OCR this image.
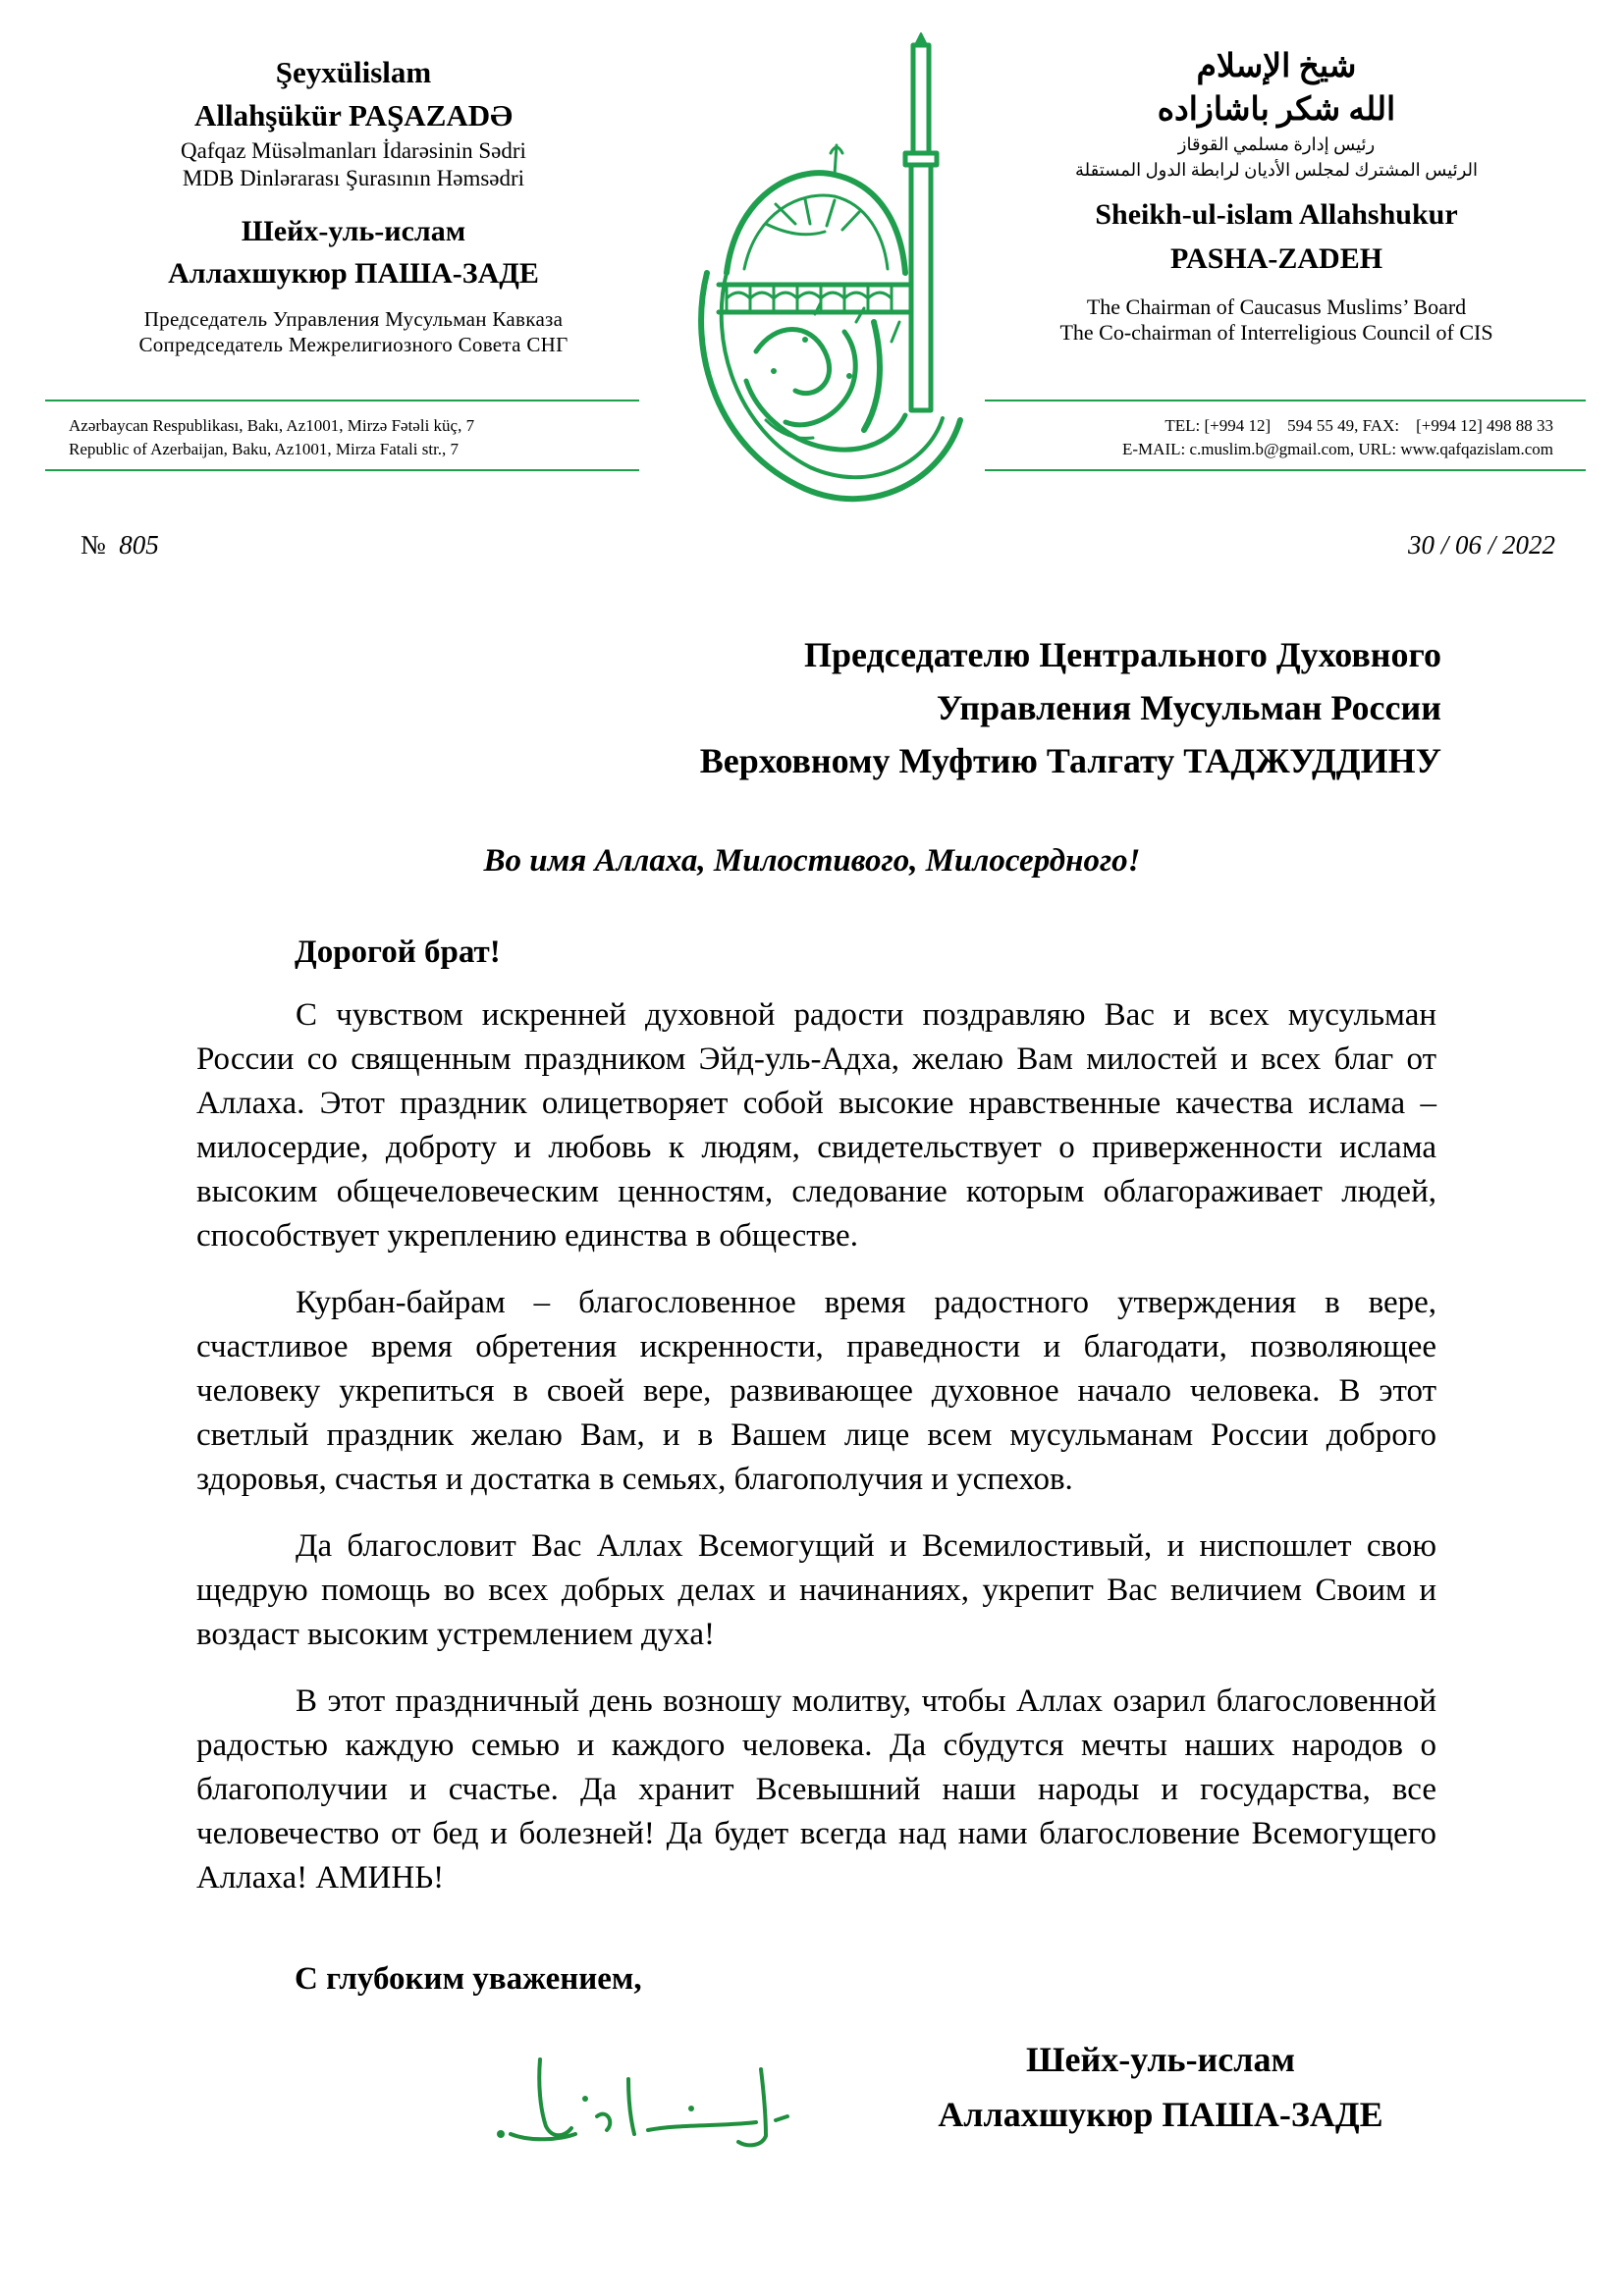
Şeyxülislam
Allahşükür PAŞAZADƏ
Qafqaz Müsəlmanları İdarəsinin Sədri
MDB Dinlərarası Şurasının Həmsədri
Шейх-уль-ислам
Аллахшукюр ПАША-ЗАДЕ
Председатель Управления Мусульман Кавказа
Сопредседатель Межрелигиозного Совета СНГ
شيخ الإسلام
الله شكر باشازاده
رئيس إدارة مسلمي القوقاز
الرئيس المشترك لمجلس الأديان لرابطة الدول المستقلة
Sheikh-ul-islam Allahshukur
PASHA-ZADEH
The Chairman of Caucasus Muslims’ Board
The Co-chairman of Interreligious Council of CIS
Azərbaycan Respublikası, Bakı, Az1001, Mirzə Fətəli küç, 7
Republic of Azerbaijan, Baku, Az1001, Mirza Fatali str., 7
TEL: [+994 12]    594 55 49, FAX:    [+994 12] 498 88 33
E-MAIL: c.muslim.b@gmail.com, URL: www.qafqazislam.com
№ 805	30 / 06 / 2022
Председателю Центрального Духовного
Управления Мусульман России
Верховному Муфтию Талгату ТАДЖУДДИНУ
Во имя Аллаха, Милостивого, Милосердного!
Дорогой брат!

С чувством искренней духовной радости поздравляю Вас и всех мусульман России со священным праздником Эйд-уль-Адха, желаю Вам милостей и всех благ от Аллаха. Этот праздник олицетворяет собой высокие нравственные качества ислама – милосердие, доброту и любовь к людям, свидетельствует о приверженности ислама высоким общечеловеческим ценностям, следование которым облагораживает людей, способствует укреплению единства в обществе.

Курбан-байрам – благословенное время радостного утверждения в вере, счастливое время обретения искренности, праведности и благодати, позволяющее человеку укрепиться в своей вере, развивающее духовное начало человека. В этот светлый праздник желаю Вам, и в Вашем лице всем мусульманам России доброго здоровья, счастья и достатка в семьях, благополучия и успехов.

Да благословит Вас Аллах Всемогущий и Всемилостивый, и ниспошлет свою щедрую помощь во всех добрых делах и начинаниях, укрепит Вас величием Своим и воздаст высоким устремлением духа!

В этот праздничный день возношу молитву, чтобы Аллах озарил благословенной радостью каждую семью и каждого человека. Да сбудутся мечты наших народов о благополучии и счастье. Да хранит Всевышний наши народы и государства, все человечество от бед и болезней! Да будет всегда над нами благословение Всемогущего Аллаха! АМИНЬ!

С глубоким уважением,
Шейх-уль-ислам
Аллахшукюр ПАША-ЗАДЕ
